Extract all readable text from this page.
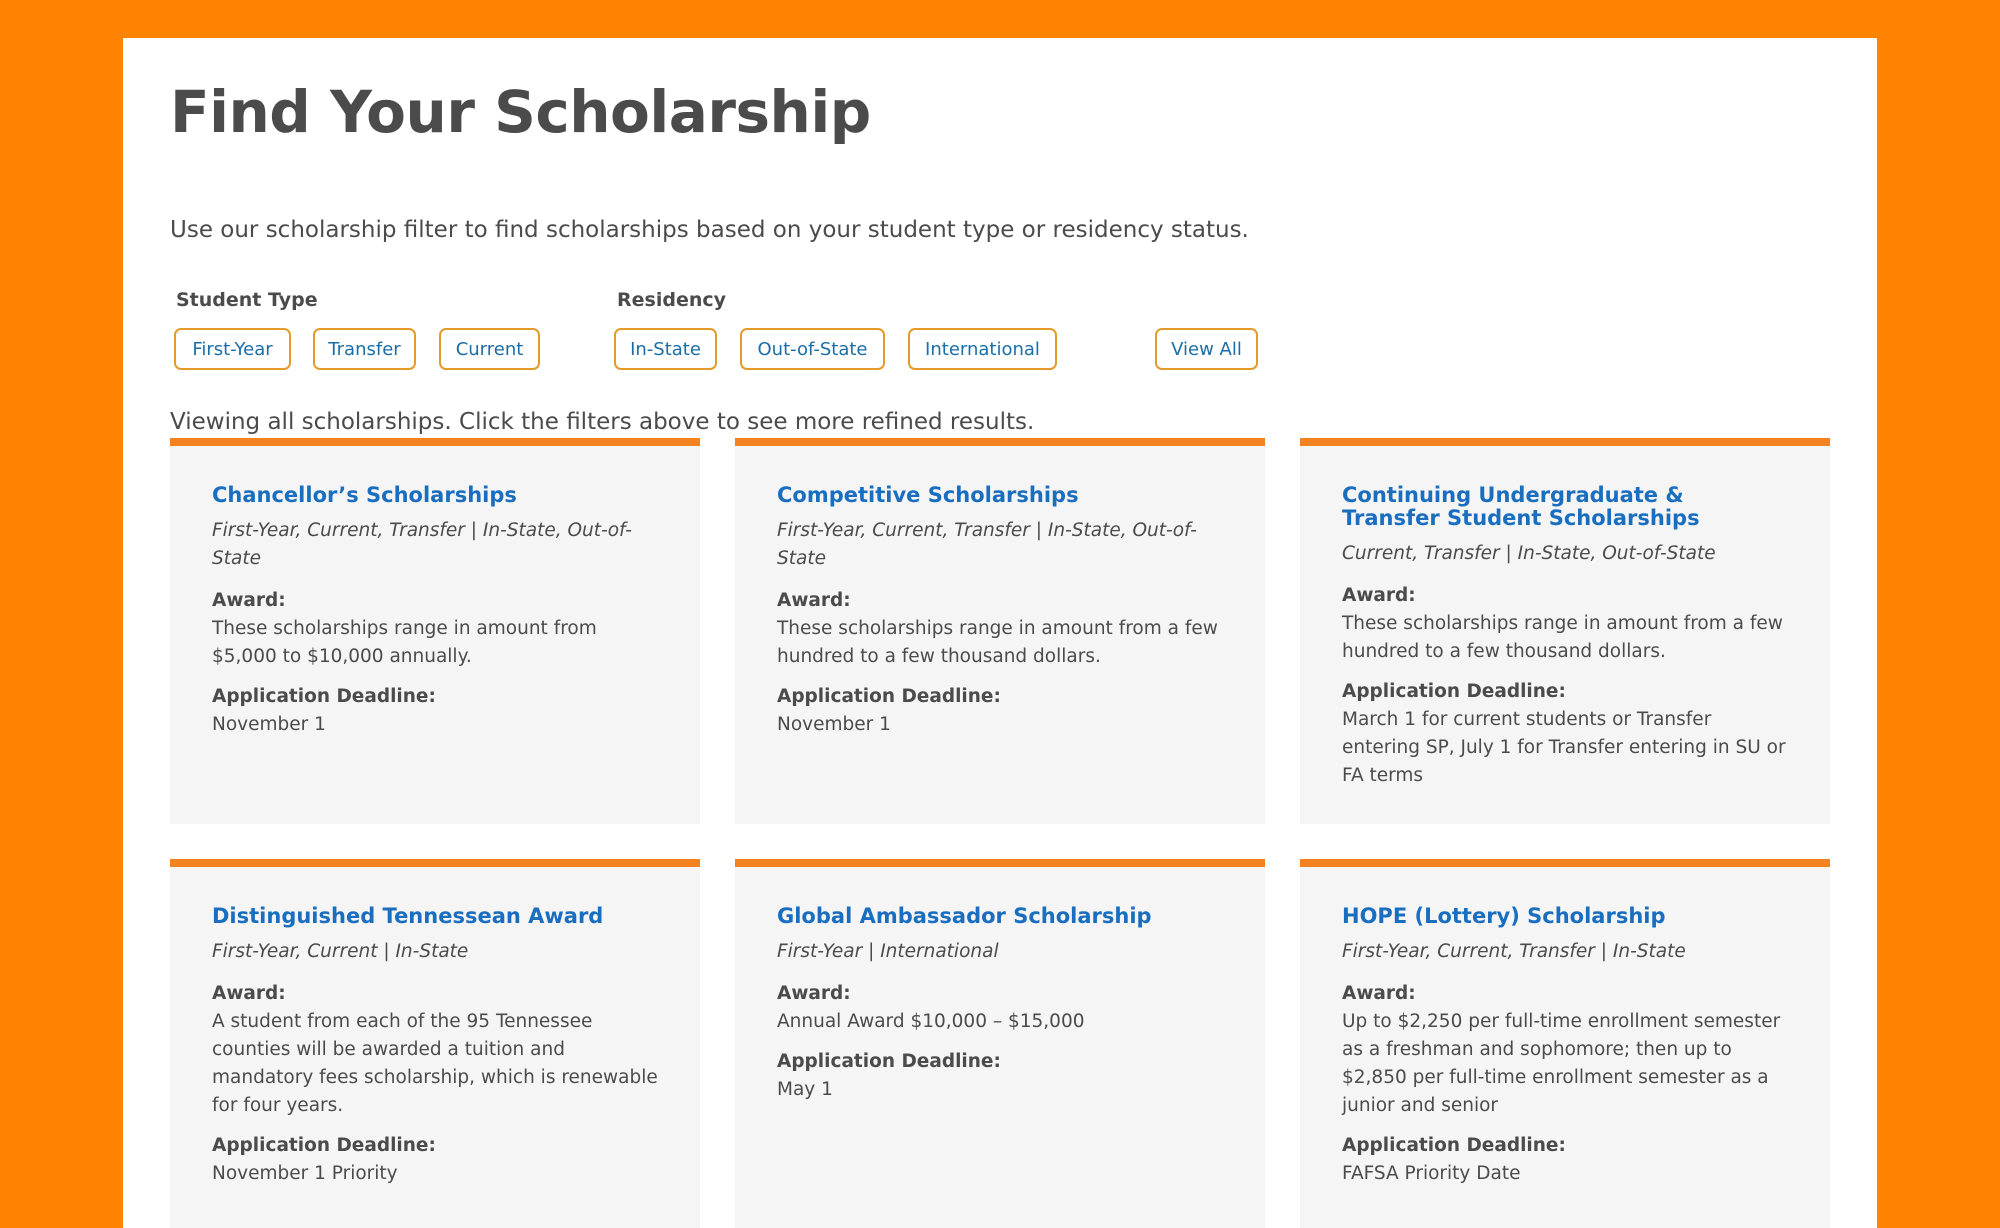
Find Your Scholarship

Use our scholarship filter to find scholarships based on your student type or residency status.

Student Type	Residency
First-Year	Transfer	Current	In-State	Out-of-State	International	View All

Viewing all scholarships. Click the filters above to see more refined results.

Chancellor’s Scholarships
First-Year, Current, Transfer | In-State, Out-of-State
Award:
These scholarships range in amount from $5,000 to $10,000 annually.
Application Deadline:
November 1
Competitive Scholarships
First-Year, Current, Transfer | In-State, Out-of-State
Award:
These scholarships range in amount from a few hundred to a few thousand dollars.
Application Deadline:
November 1
Continuing Undergraduate & Transfer Student Scholarships
Current, Transfer | In-State, Out-of-State
Award:
These scholarships range in amount from a few hundred to a few thousand dollars.
Application Deadline:
March 1 for current students or Transfer entering SP, July 1 for Transfer entering in SU or FA terms
Distinguished Tennessean Award
First-Year, Current | In-State
Award:
A student from each of the 95 Tennessee counties will be awarded a tuition and mandatory fees scholarship, which is renewable for four years.
Application Deadline:
November 1 Priority
Global Ambassador Scholarship
First-Year | International
Award:
Annual Award $10,000 – $15,000
Application Deadline:
May 1
HOPE (Lottery) Scholarship
First-Year, Current, Transfer | In-State
Award:
Up to $2,250 per full-time enrollment semester as a freshman and sophomore; then up to $2,850 per full-time enrollment semester as a junior and senior
Application Deadline:
FAFSA Priority Date
